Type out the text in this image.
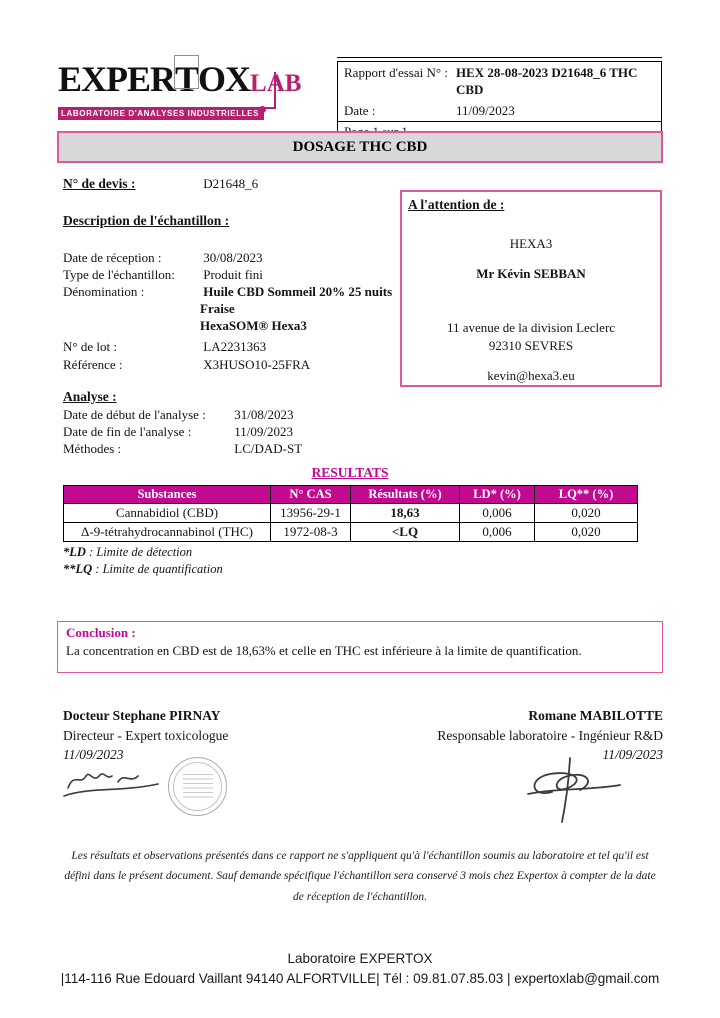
EXPERTOXLAB
LABORATOIRE D'ANALYSES INDUSTRIELLES
Rapport d'essai N° : HEX 28-08-2023 D21648_6 THC CBD
Date :	11/09/2023
DOSAGE THC CBD
N° de devis :	D21648_6
A l'attention de :
HEXA3
Mr Kévin SEBBAN
11 avenue de la division Leclerc
92310 SEVRES
kevin@hexa3.eu
Description de l'échantillon :
Date de réception :	30/08/2023
Type de l'échantillon: Produit fini
Dénomination :	Huile CBD Sommeil 20% 25 nuits
Fraise
HexaSOM® Hexa3
N° de lot :	LA2231363
Référence :	X3HUSO10-25FRA
Analyse :
Date de début de l'analyse : 31/08/2023
Date de fin de l'analyse :	11/09/2023
Méthodes :	LC/DAD-ST
RESULTATS
Substances	N° CAS	Résultats (%)	LD* (%)	LQ** (%)
Cannabidiol (CBD)	13956-29-1	18,63	0,006	0,020
Δ-9-tétrahydrocannabinol (THC)	1972-08-3	<LQ	0,006	0,020
*LD : Limite de détection
**LQ : Limite de quantification
Conclusion :
La concentration en CBD est de 18,63% et celle en THC est inférieure à la limite de quantification.
Docteur Stephane PIRNAY
Directeur - Expert toxicologue
11/09/2023
Romane MABILOTTE
Responsable laboratoire - Ingénieur R&D
11/09/2023
Les résultats et observations présentés dans ce rapport ne s'appliquent qu'à l'échantillon soumis au laboratoire et tel qu'il est défini dans le présent document. Sauf demande spécifique l'échantillon sera conservé 3 mois chez Expertox à compter de la date de réception de l'échantillon.
Laboratoire EXPERTOX
|114-116 Rue Edouard Vaillant 94140 ALFORTVILLE| Tél : 09.81.07.85.03 | expertoxlab@gmail.com
